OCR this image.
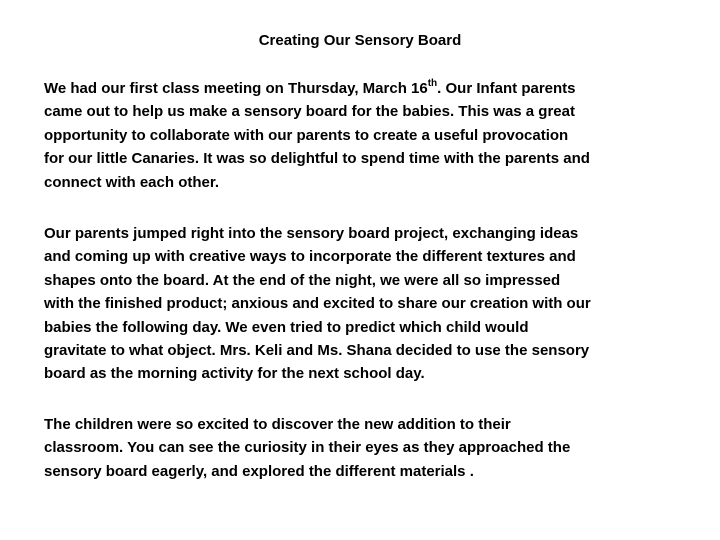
Creating Our Sensory Board
We had our first class meeting on Thursday, March 16th. Our Infant parents
came out to help us make a sensory board for the babies. This was a great
opportunity to collaborate with our parents to create a useful provocation
for our little Canaries. It was so delightful to spend time with the parents and
connect with each other.
Our parents jumped right into the sensory board project, exchanging ideas
and coming up with creative ways to incorporate the different textures and
shapes onto the board. At the end of the night, we were all so impressed
with the finished product; anxious and excited to share our creation with our
babies the following day. We even tried to predict which child would
gravitate to what object. Mrs. Keli and Ms. Shana decided to use the sensory
board as the morning activity for the next school day.
The children were so excited to discover the new addition to their
classroom. You can see the curiosity in their eyes as they approached the
sensory board eagerly, and explored the different materials .
